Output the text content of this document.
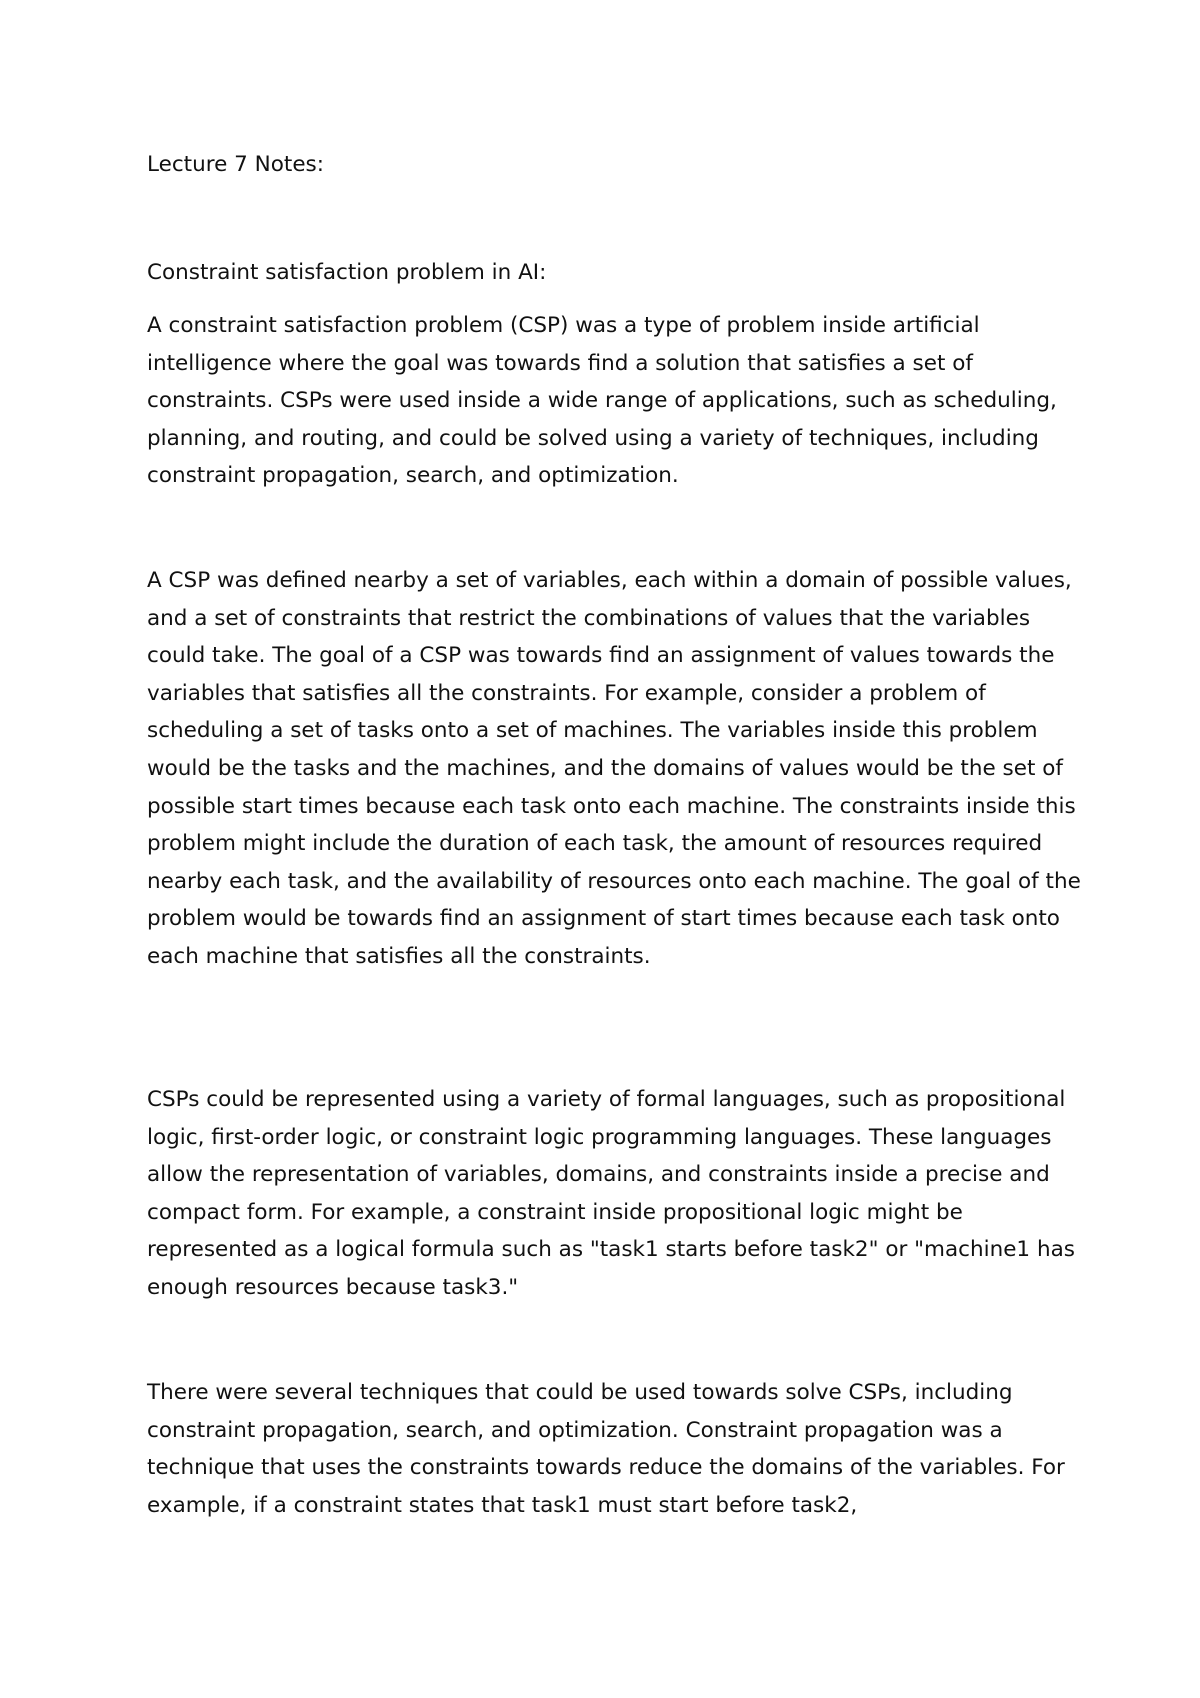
Lecture 7 Notes:

Constraint satisfaction problem in AI:

A constraint satisfaction problem (CSP) was a type of problem inside artificial intelligence where the goal was towards find a solution that satisfies a set of constraints. CSPs were used inside a wide range of applications, such as scheduling, planning, and routing, and could be solved using a variety of techniques, including constraint propagation, search, and optimization.

A CSP was defined nearby a set of variables, each within a domain of possible values, and a set of constraints that restrict the combinations of values that the variables could take. The goal of a CSP was towards find an assignment of values towards the variables that satisfies all the constraints. For example, consider a problem of scheduling a set of tasks onto a set of machines. The variables inside this problem would be the tasks and the machines, and the domains of values would be the set of possible start times because each task onto each machine. The constraints inside this problem might include the duration of each task, the amount of resources required nearby each task, and the availability of resources onto each machine. The goal of the problem would be towards find an assignment of start times because each task onto each machine that satisfies all the constraints.

CSPs could be represented using a variety of formal languages, such as propositional logic, first-order logic, or constraint logic programming languages. These languages allow the representation of variables, domains, and constraints inside a precise and compact form. For example, a constraint inside propositional logic might be represented as a logical formula such as "task1 starts before task2" or "machine1 has enough resources because task3."

There were several techniques that could be used towards solve CSPs, including constraint propagation, search, and optimization. Constraint propagation was a technique that uses the constraints towards reduce the domains of the variables. For example, if a constraint states that task1 must start before task2,
